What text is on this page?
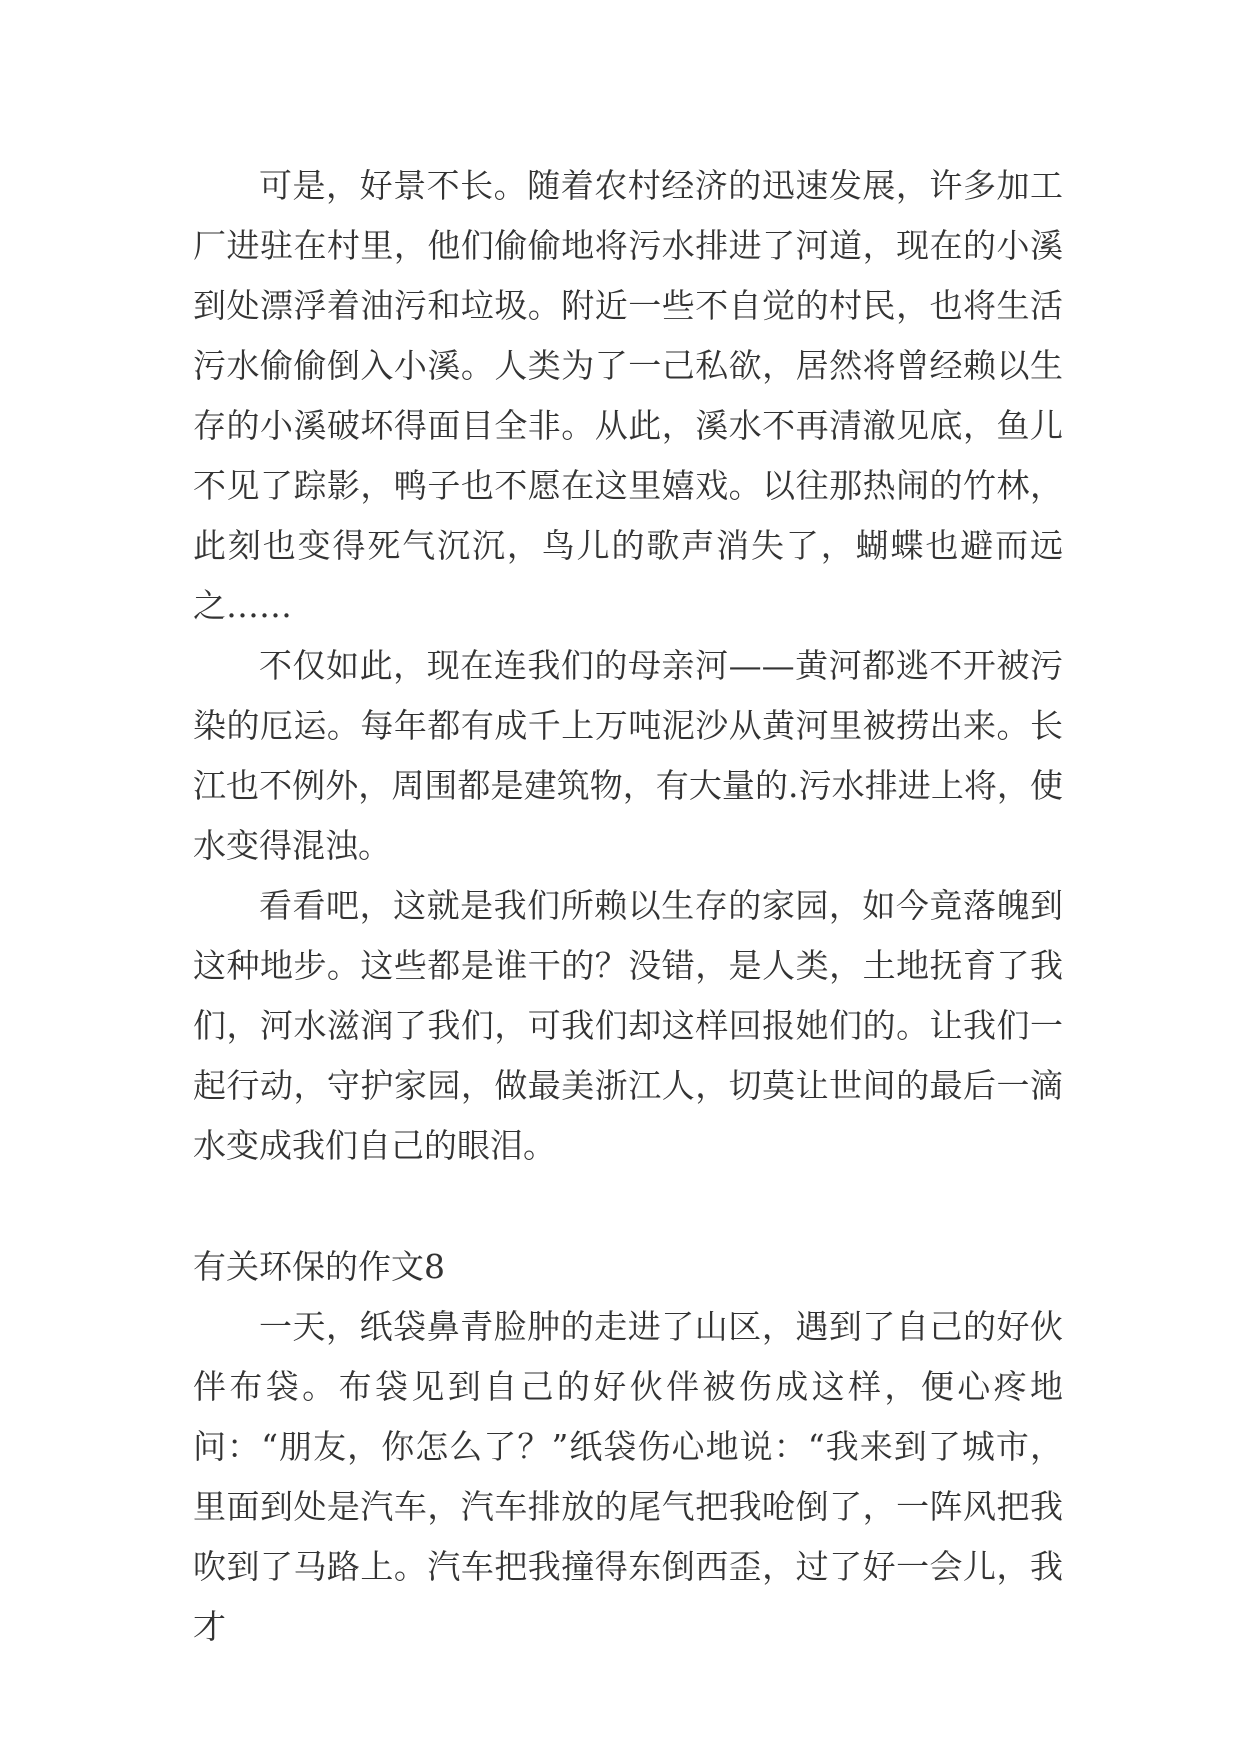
可是，好景不长。随着农村经济的迅速发展，许多加工厂进驻在村里，他们偷偷地将污水排进了河道，现在的小溪到处漂浮着油污和垃圾。附近一些不自觉的村民，也将生活污水偷偷倒入小溪。人类为了一己私欲，居然将曾经赖以生存的小溪破坏得面目全非。从此，溪水不再清澈见底，鱼儿不见了踪影，鸭子也不愿在这里嬉戏。以往那热闹的竹林，此刻也变得死气沉沉，鸟儿的歌声消失了，蝴蝶也避而远之……

不仅如此，现在连我们的母亲河——黄河都逃不开被污染的厄运。每年都有成千上万吨泥沙从黄河里被捞出来。长江也不例外，周围都是建筑物，有大量的.污水排进上将，使水变得混浊。

看看吧，这就是我们所赖以生存的家园，如今竟落魄到这种地步。这些都是谁干的？没错，是人类，土地抚育了我们，河水滋润了我们，可我们却这样回报她们的。让我们一起行动，守护家园，做最美浙江人，切莫让世间的最后一滴水变成我们自己的眼泪。

有关环保的作文8

一天，纸袋鼻青脸肿的走进了山区，遇到了自己的好伙伴布袋。布袋见到自己的好伙伴被伤成这样，便心疼地问：“朋友，你怎么了？”纸袋伤心地说：“我来到了城市，里面到处是汽车，汽车排放的尾气把我呛倒了，一阵风把我吹到了马路上。汽车把我撞得东倒西歪，过了好一会儿，我才
